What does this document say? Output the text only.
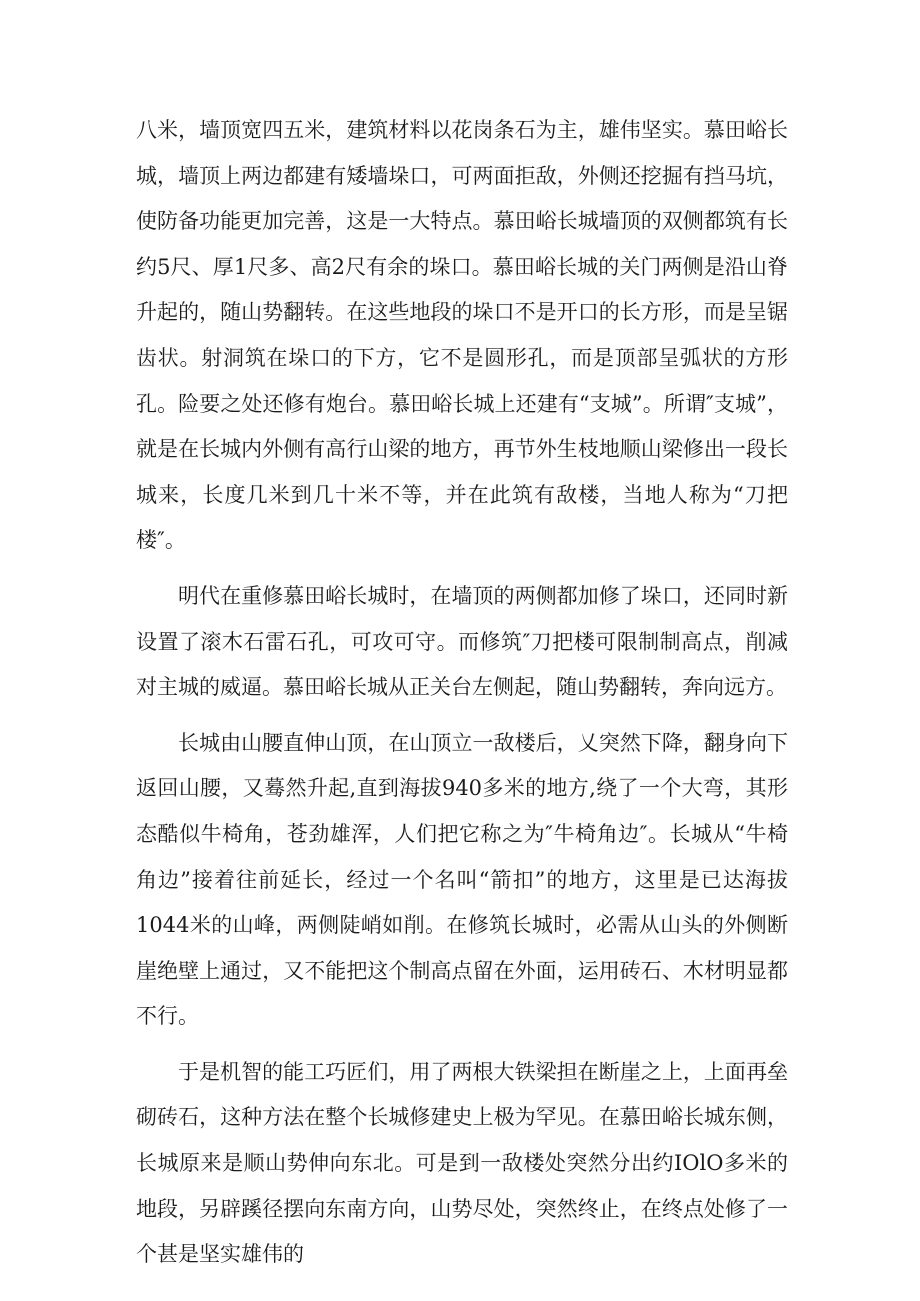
八米，墙顶宽四五米，建筑材料以花岗条石为主，雄伟坚实。慕田峪长城，墙顶上两边都建有矮墙垛口，可两面拒敌，外侧还挖掘有挡马坑，使防备功能更加完善，这是一大特点。慕田峪长城墙顶的双侧都筑有长约5尺、厚1尺多、高2尺有余的垛口。慕田峪长城的关门两侧是沿山脊升起的，随山势翻转。在这些地段的垛口不是开口的长方形，而是呈锯齿状。射洞筑在垛口的下方，它不是圆形孔，而是顶部呈弧状的方形孔。险要之处还修有炮台。慕田峪长城上还建有“支城”。所谓″支城”，就是在长城内外侧有高行山梁的地方，再节外生枝地顺山梁修出一段长城来，长度几米到几十米不等，并在此筑有敌楼，当地人称为“刀把楼″。

明代在重修慕田峪长城时，在墙顶的两侧都加修了垛口，还同时新设置了滚木石雷石孔，可攻可守。而修筑″刀把楼可限制制高点，削减对主城的威逼。慕田峪长城从正关台左侧起，随山势翻转，奔向远方。

长城由山腰直伸山顶，在山顶立一敌楼后，乂突然下降，翻身向下返回山腰，又蓦然升起,直到海拔940多米的地方,绕了一个大弯，其形态酷似牛椅角，苍劲雄浑，人们把它称之为″牛椅角边″。长城从“牛椅角边”接着往前延长，经过一个名叫“箭扣”的地方，这里是已达海拔1044米的山峰，两侧陡峭如削。在修筑长城时，必需从山头的外侧断崖绝壁上通过，又不能把这个制高点留在外面，运用砖石、木材明显都不行。

于是机智的能工巧匠们，用了两根大铁梁担在断崖之上，上面再垒砌砖石，这种方法在整个长城修建史上极为罕见。在慕田峪长城东侧，长城原来是顺山势伸向东北。可是到一敌楼处突然分出约IOlO多米的地段，另辟蹊径摆向东南方向，山势尽处，突然终止，在终点处修了一个甚是坚实雄伟的
